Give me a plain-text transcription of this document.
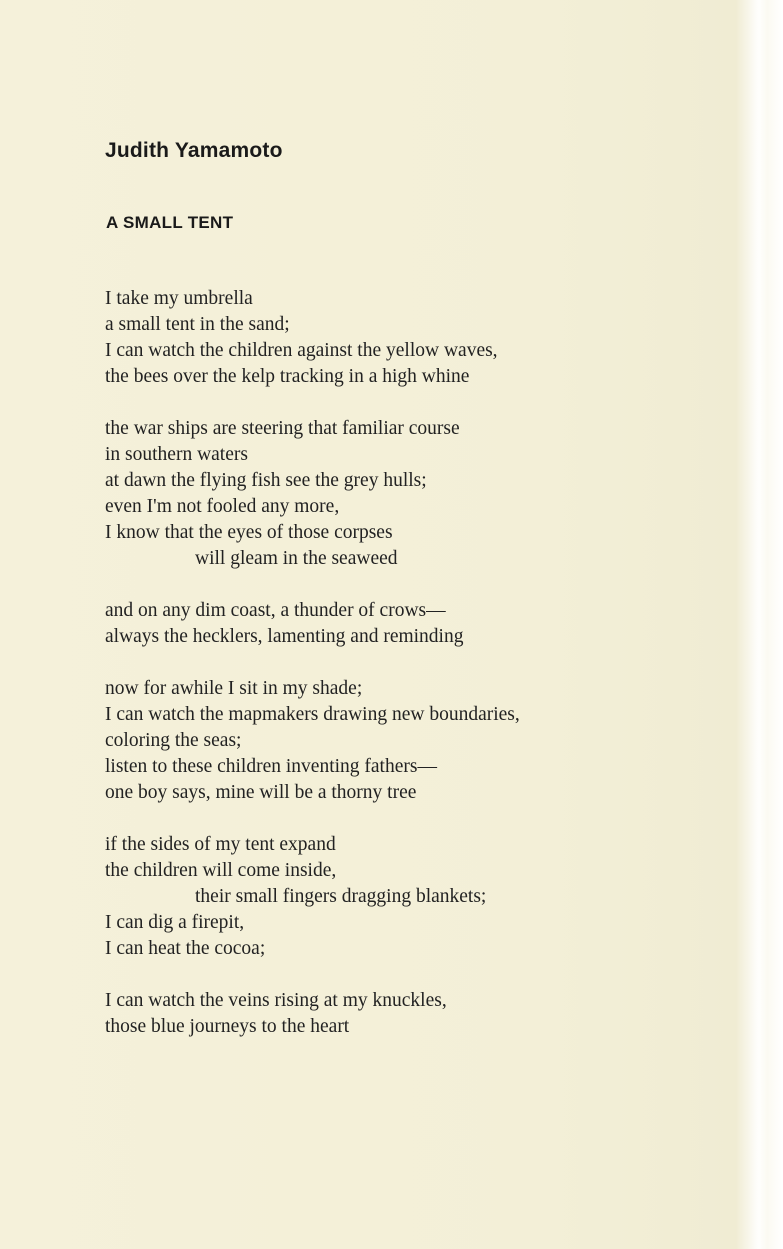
Judith Yamamoto
A SMALL TENT
I take my umbrella
a small tent in the sand;
I can watch the children against the yellow waves,
the bees over the kelp tracking in a high whine
the war ships are steering that familiar course
in southern waters
at dawn the flying fish see the grey hulls;
even I'm not fooled any more,
I know that the eyes of those corpses
will gleam in the seaweed
and on any dim coast, a thunder of crows—
always the hecklers, lamenting and reminding
now for awhile I sit in my shade;
I can watch the mapmakers drawing new boundaries,
coloring the seas;
listen to these children inventing fathers—
one boy says, mine will be a thorny tree
if the sides of my tent expand
the children will come inside,
their small fingers dragging blankets;
I can dig a firepit,
I can heat the cocoa;
I can watch the veins rising at my knuckles,
those blue journeys to the heart
